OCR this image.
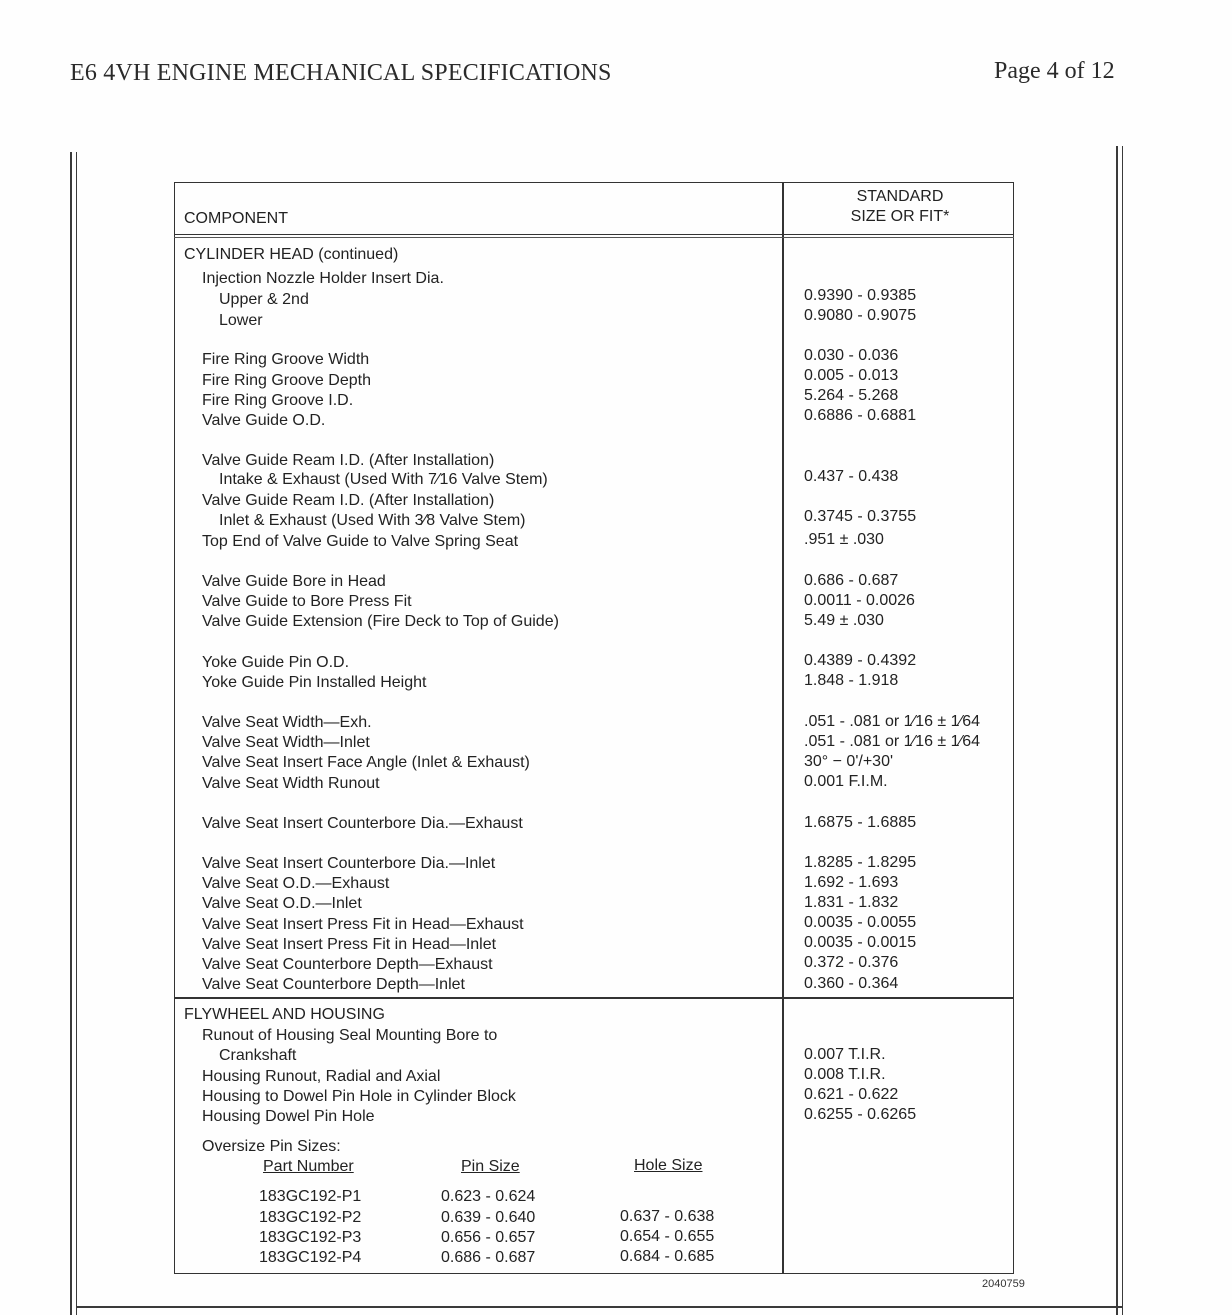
E6 4VH ENGINE MECHANICAL SPECIFICATIONS	Page 4 of 12
COMPONENT
STANDARD
SIZE OR FIT*
CYLINDER HEAD (continued)
Injection Nozzle Holder Insert Dia.
Upper & 2nd	0.9390 - 0.9385
Lower	0.9080 - 0.9075
Fire Ring Groove Width	0.030 - 0.036
Fire Ring Groove Depth	0.005 - 0.013
Fire Ring Groove I.D.	5.264 - 5.268
Valve Guide O.D.	0.6886 - 0.6881
Valve Guide Ream I.D. (After Installation)
Intake & Exhaust (Used With 7⁄16 Valve Stem)	0.437 - 0.438
Valve Guide Ream I.D. (After Installation)
Inlet & Exhaust (Used With 3⁄8 Valve Stem)	0.3745 - 0.3755
Top End of Valve Guide to Valve Spring Seat	.951 ± .030
Valve Guide Bore in Head	0.686 - 0.687
Valve Guide to Bore Press Fit	0.0011 - 0.0026
Valve Guide Extension (Fire Deck to Top of Guide)	5.49 ± .030
Yoke Guide Pin O.D.	0.4389 - 0.4392
Yoke Guide Pin Installed Height	1.848 - 1.918
Valve Seat Width—Exh.	.051 - .081 or 1⁄16 ± 1⁄64
Valve Seat Width—Inlet	.051 - .081 or 1⁄16 ± 1⁄64
Valve Seat Insert Face Angle (Inlet & Exhaust)	30° − 0'/+30'
Valve Seat Width Runout	0.001 F.I.M.
Valve Seat Insert Counterbore Dia.—Exhaust	1.6875 - 1.6885
Valve Seat Insert Counterbore Dia.—Inlet	1.8285 - 1.8295
Valve Seat O.D.—Exhaust	1.692 - 1.693
Valve Seat O.D.—Inlet	1.831 - 1.832
Valve Seat Insert Press Fit in Head—Exhaust	0.0035 - 0.0055
Valve Seat Insert Press Fit in Head—Inlet	0.0035 - 0.0015
Valve Seat Counterbore Depth—Exhaust	0.372 - 0.376
Valve Seat Counterbore Depth—Inlet	0.360 - 0.364
FLYWHEEL AND HOUSING
Runout of Housing Seal Mounting Bore to
Crankshaft	0.007 T.I.R.
Housing Runout, Radial and Axial	0.008 T.I.R.
Housing to Dowel Pin Hole in Cylinder Block	0.621 - 0.622
Housing Dowel Pin Hole	0.6255 - 0.6265
Oversize Pin Sizes:
Part Number	Pin Size	Hole Size
183GC192-P1	0.623 - 0.624
183GC192-P2	0.639 - 0.640	0.637 - 0.638
183GC192-P3	0.656 - 0.657	0.654 - 0.655
183GC192-P4	0.686 - 0.687	0.684 - 0.685
2040759
